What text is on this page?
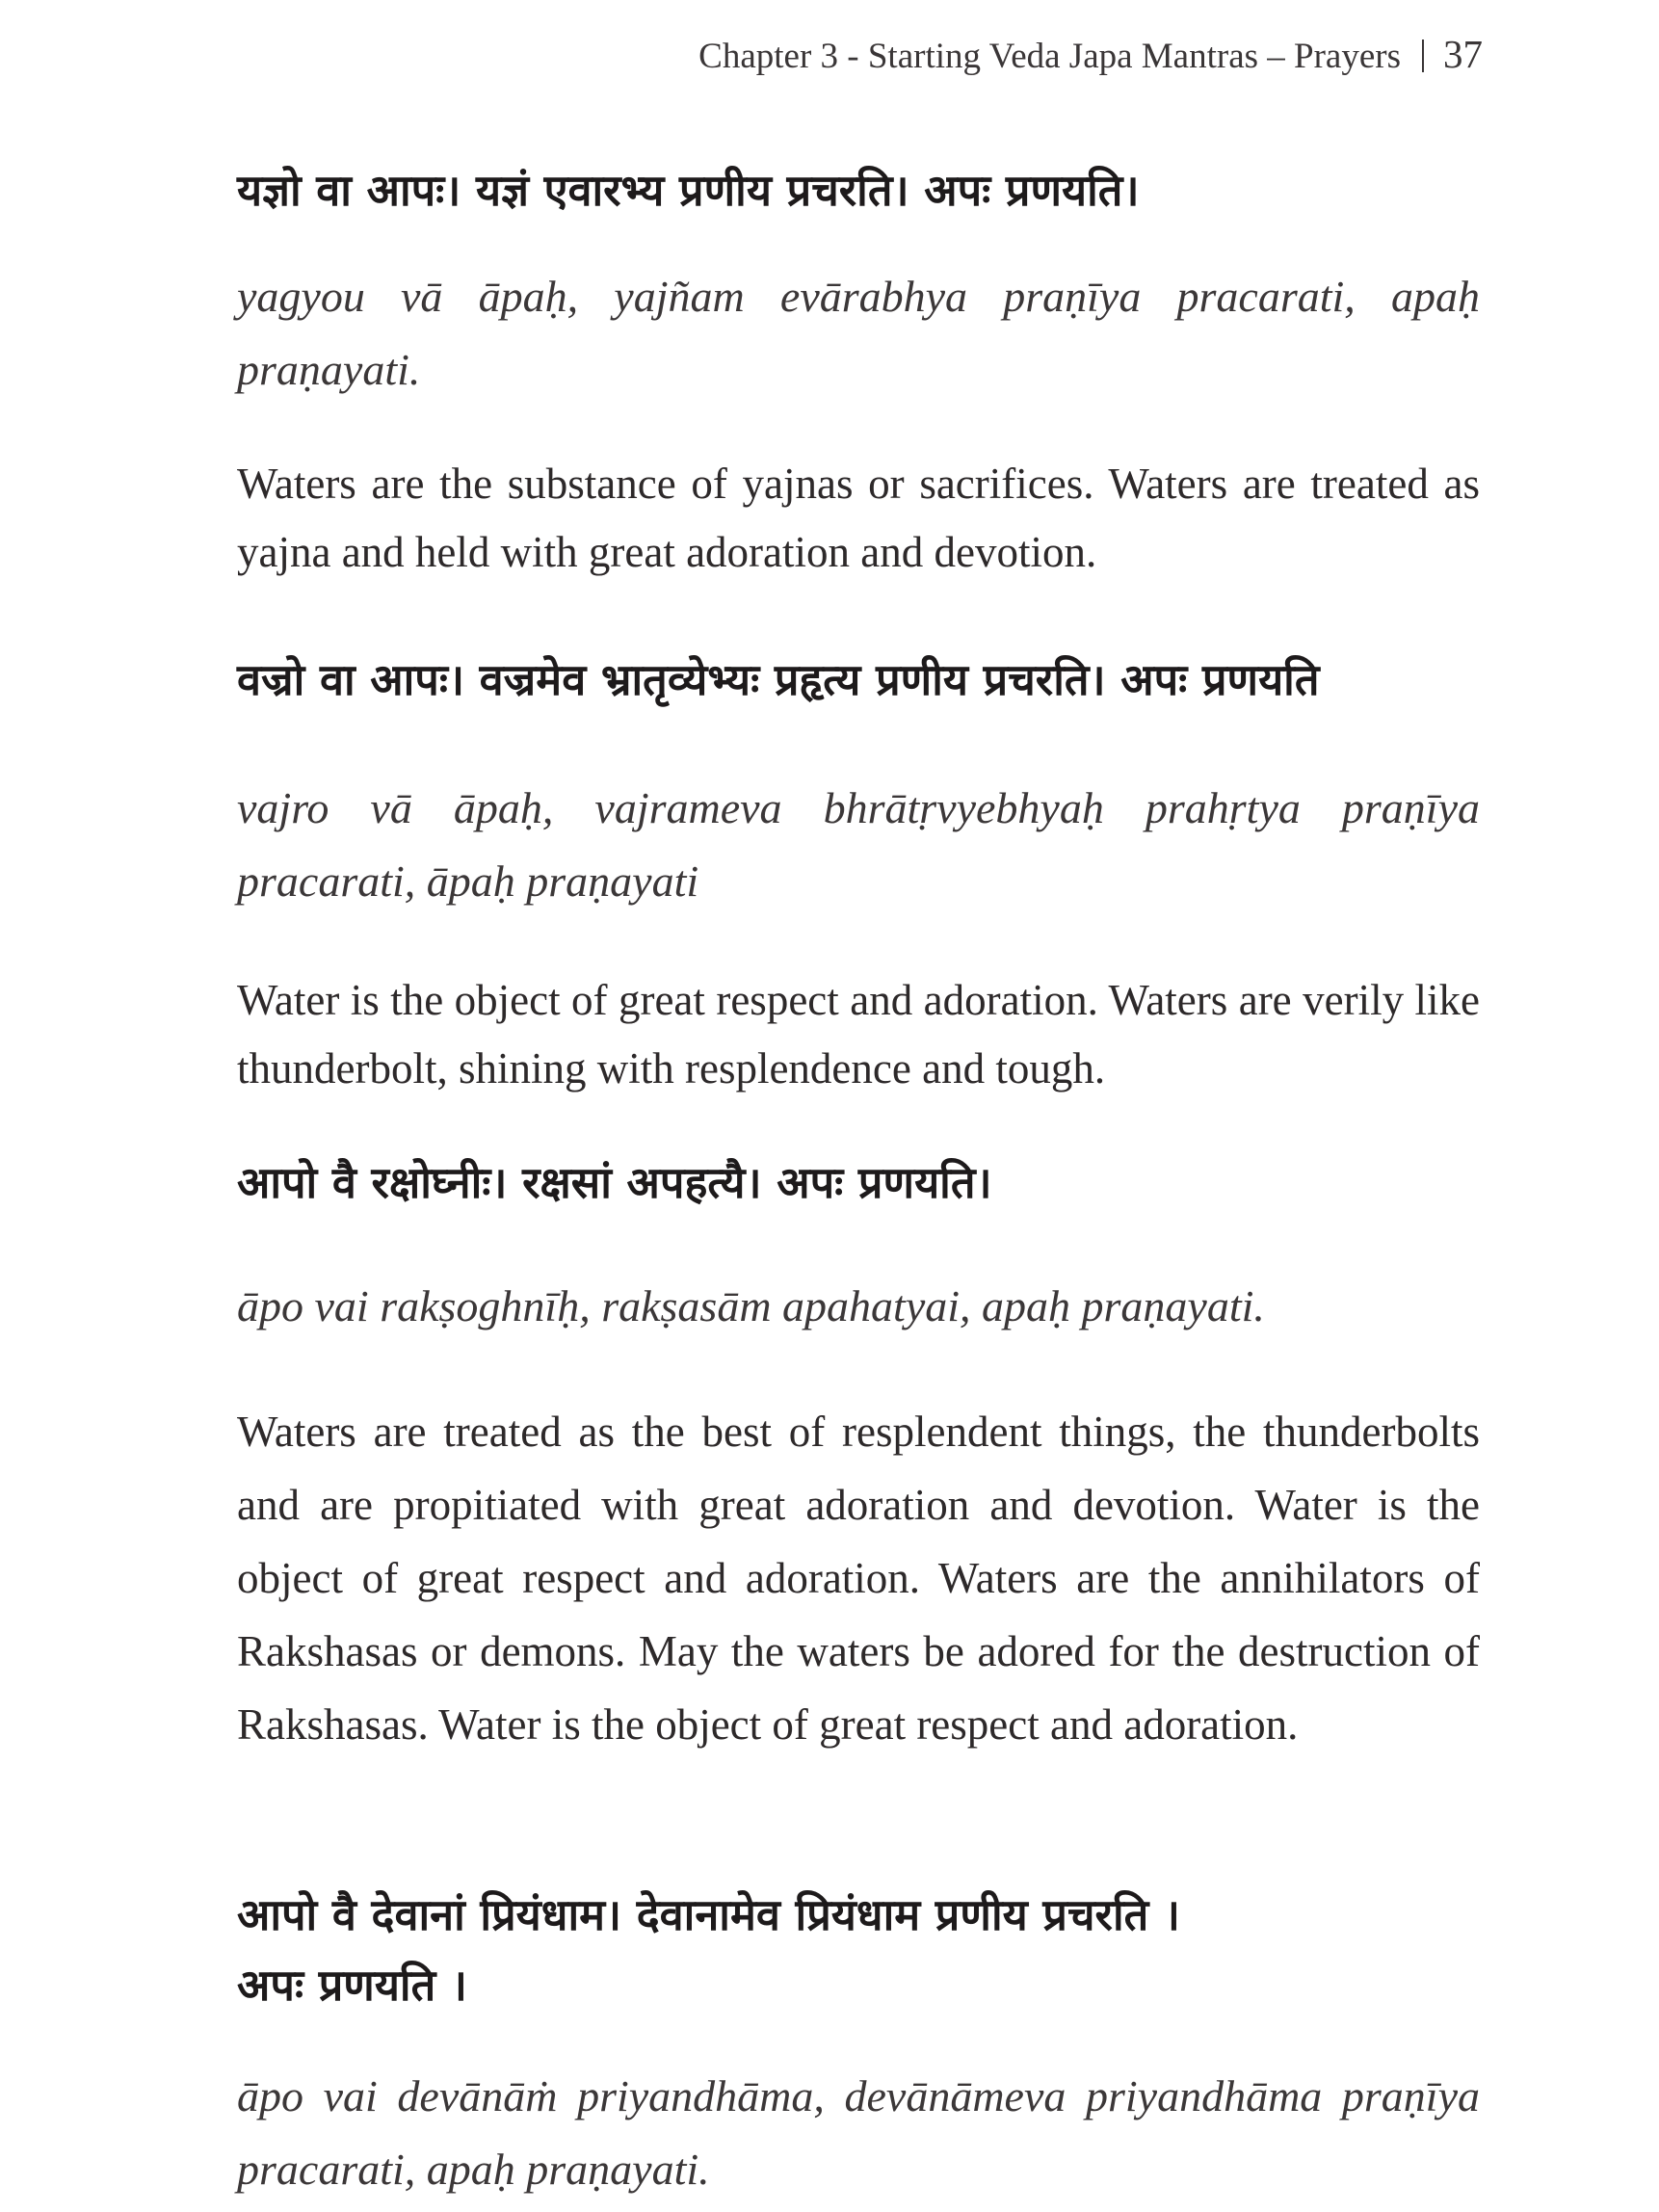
Chapter 3 - Starting Veda Japa Mantras – Prayers 37
यज्ञो वा आपः। यज्ञं एवारभ्य प्रणीय प्रचरति। अपः प्रणयति।
yagyou vā āpaḥ, yajñam evārabhya praṇīya pracarati, apaḥ praṇayati.
Waters are the substance of yajnas or sacrifices. Waters are treated as yajna and held with great adoration and devotion.
वज्रो वा आपः। वज्रमेव भ्रातृव्येभ्यः प्रहृत्य प्रणीय प्रचरति। अपः प्रणयति
vajro vā āpaḥ, vajrameva bhrātṛvyebhyaḥ prahṛtya praṇīya pracarati, āpaḥ praṇayati
Water is the object of great respect and adoration. Waters are verily like thunderbolt, shining with resplendence and tough.
आपो वै रक्षोघ्नीः। रक्षसां अपहत्यै। अपः प्रणयति।
āpo vai rakṣoghnīḥ, rakṣasām apahatyai, apaḥ praṇayati.
Waters are treated as the best of resplendent things, the thunderbolts and are propitiated with great adoration and devotion. Water is the object of great respect and adoration. Waters are the annihilators of Rakshasas or demons. May the waters be adored for the destruction of Rakshasas. Water is the object of great respect and adoration.
आपो वै देवानां प्रियंधाम। देवानामेव प्रियंधाम प्रणीय प्रचरति ।
अपः प्रणयति ।
āpo vai devānāṁ priyandhāma, devānāmeva priyandhāma praṇīya pracarati, apaḥ praṇayati.
